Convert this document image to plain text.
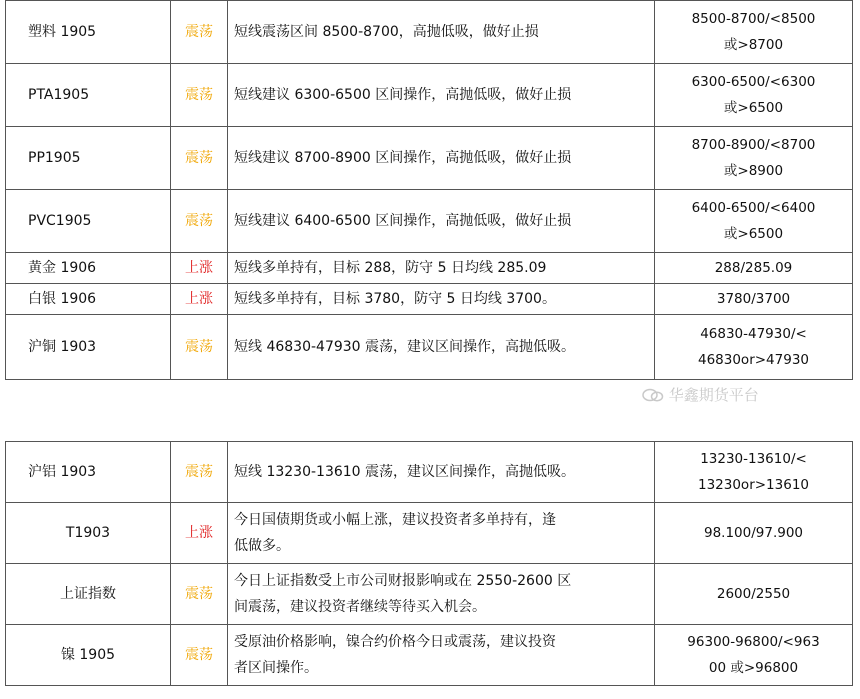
塑料 1905	震荡	短线震荡区间 8500-8700，高抛低吸，做好止损	8500-8700/<8500
或>8700

PTA1905	震荡	短线建议 6300-6500 区间操作，高抛低吸，做好止损	6300-6500/<6300
或>6500

PP1905	震荡	短线建议 8700-8900 区间操作，高抛低吸，做好止损	8700-8900/<8700
或>8900

PVC1905	震荡	短线建议 6400-6500 区间操作，高抛低吸，做好止损	6400-6500/<6400
或>6500

黄金 1906	上涨	短线多单持有，目标 288，防守 5 日均线 285.09	288/285.09
白银 1906	上涨	短线多单持有，目标 3780，防守 5 日均线 3700。	3780/3700
沪铜 1903	震荡	短线 46830-47930 震荡，建议区间操作，高抛低吸。	46830-47930/<
46830or>47930
华鑫期货平台
沪铝 1903	震荡	短线 13230-13610 震荡，建议区间操作，高抛低吸。	13230-13610/<
13230or>13610

T1903	上涨	今日国债期货或小幅上涨，建议投资者多单持有，逢
低做多。	98.100/97.900
上证指数	震荡	今日上证指数受上市公司财报影响或在 2550-2600 区
间震荡，建议投资者继续等待买入机会。	2600/2550
镍 1905	震荡	受原油价格影响，镍合约价格今日或震荡，建议投资
者区间操作。	96300-96800/<963
00 或>96800
